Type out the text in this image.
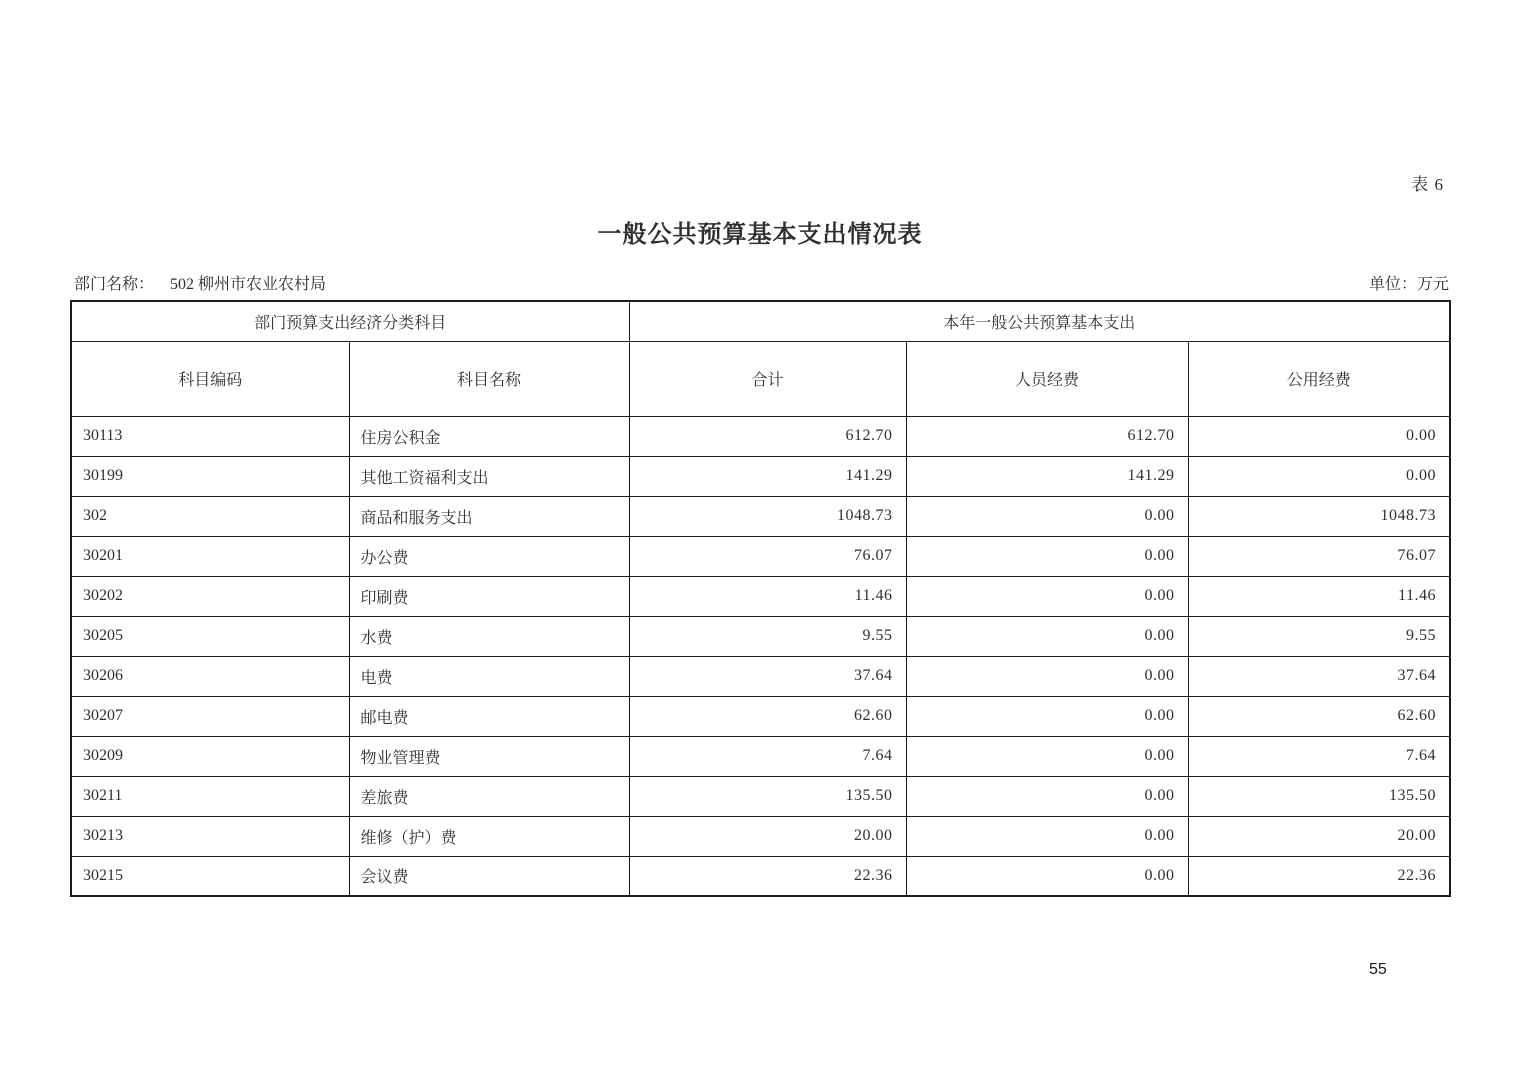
表 6
一般公共预算基本支出情况表
部门名称： 502 柳州市农业农村局	单位：万元
部门预算支出经济分类科目		本年一般公共预算基本支出		
科目编码	科目名称	合计	人员经费	公用经费
30113	住房公积金	612.70	612.70	0.00
30199	其他工资福利支出	141.29	141.29	0.00
302	商品和服务支出	1048.73	0.00	1048.73
30201	办公费	76.07	0.00	76.07
30202	印刷费	11.46	0.00	11.46
30205	水费	9.55	0.00	9.55
30206	电费	37.64	0.00	37.64
30207	邮电费	62.60	0.00	62.60
30209	物业管理费	7.64	0.00	7.64
30211	差旅费	135.50	0.00	135.50
30213	维修（护）费	20.00	0.00	20.00
30215	会议费	22.36	0.00	22.36
55
